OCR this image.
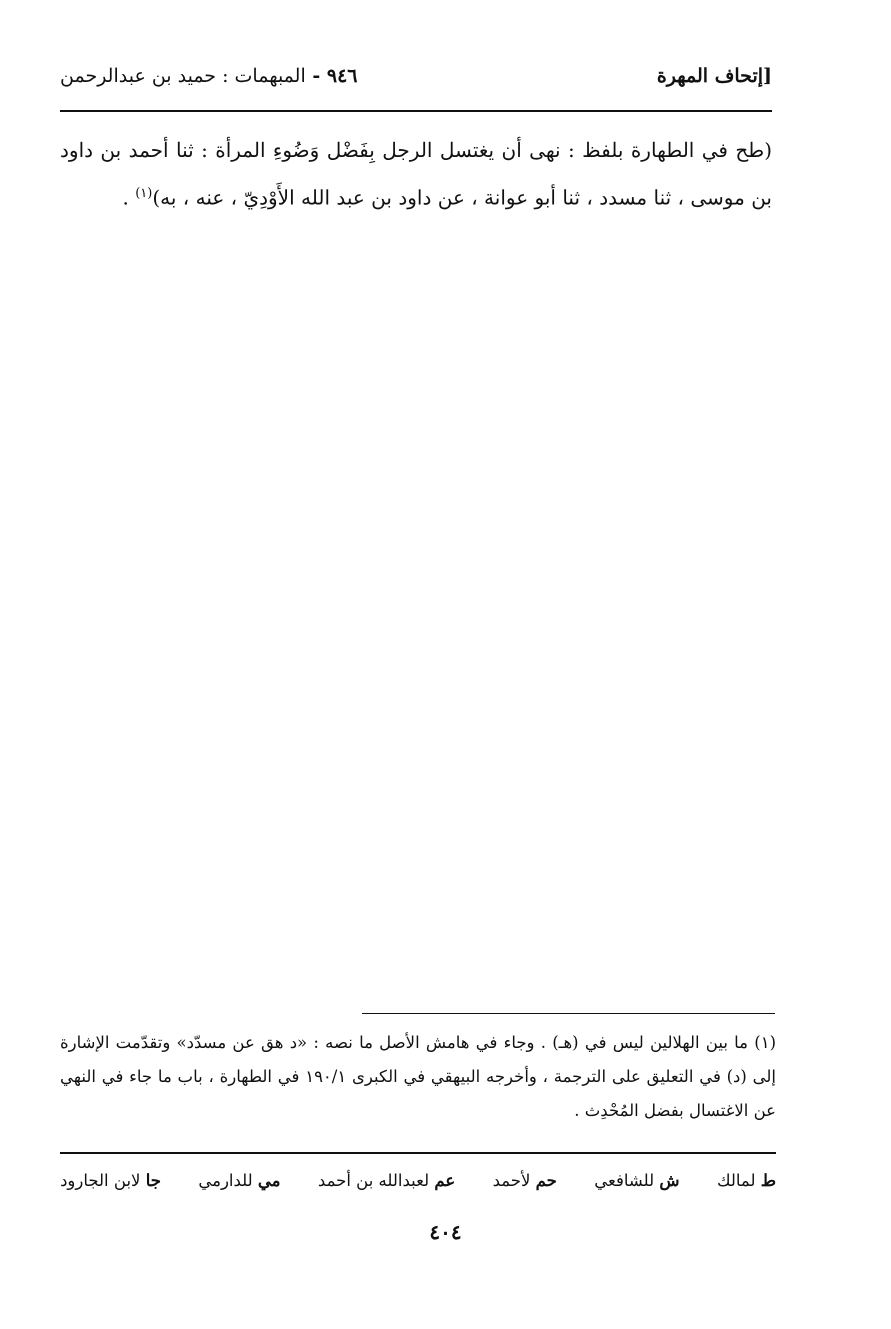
٩٤٦ - المبهمات : حميد بن عبدالرحمن	[إتحاف المهرة
(طح في الطهارة بلفظ : نهى أن يغتسل الرجل بِفَضْل وَضُوءِ المرأة : ثنا أحمد بن داود بن موسى ، ثنا مسدد ، ثنا أبو عوانة ، عن داود بن عبد الله الأَوْدِيّ ، عنه ، به)$^{(١)}$ .
(١) ما بين الهلالين ليس في (هـ) . وجاء في هامش الأصل ما نصه : «د هق عن مسدّد» وتقدّمت الإشارة إلى (د) في التعليق على الترجمة ، وأخرجه البيهقي في الكبرى ١٩٠/١ في الطهارة ، باب ما جاء في النهي عن الاغتسال بفضل المُحْدِث .
ط لمالك
ش للشافعي
حم لأحمد
عم لعبدالله بن أحمد
مي للدارمي
جا لابن الجارود
٤٠٤
